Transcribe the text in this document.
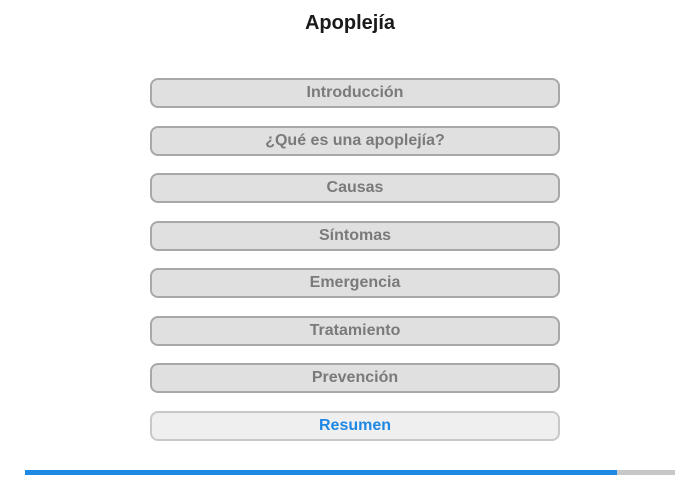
Apoplejía
Introducción
¿Qué es una apoplejía?
Causas
Síntomas
Emergencia
Tratamiento
Prevención
Resumen
